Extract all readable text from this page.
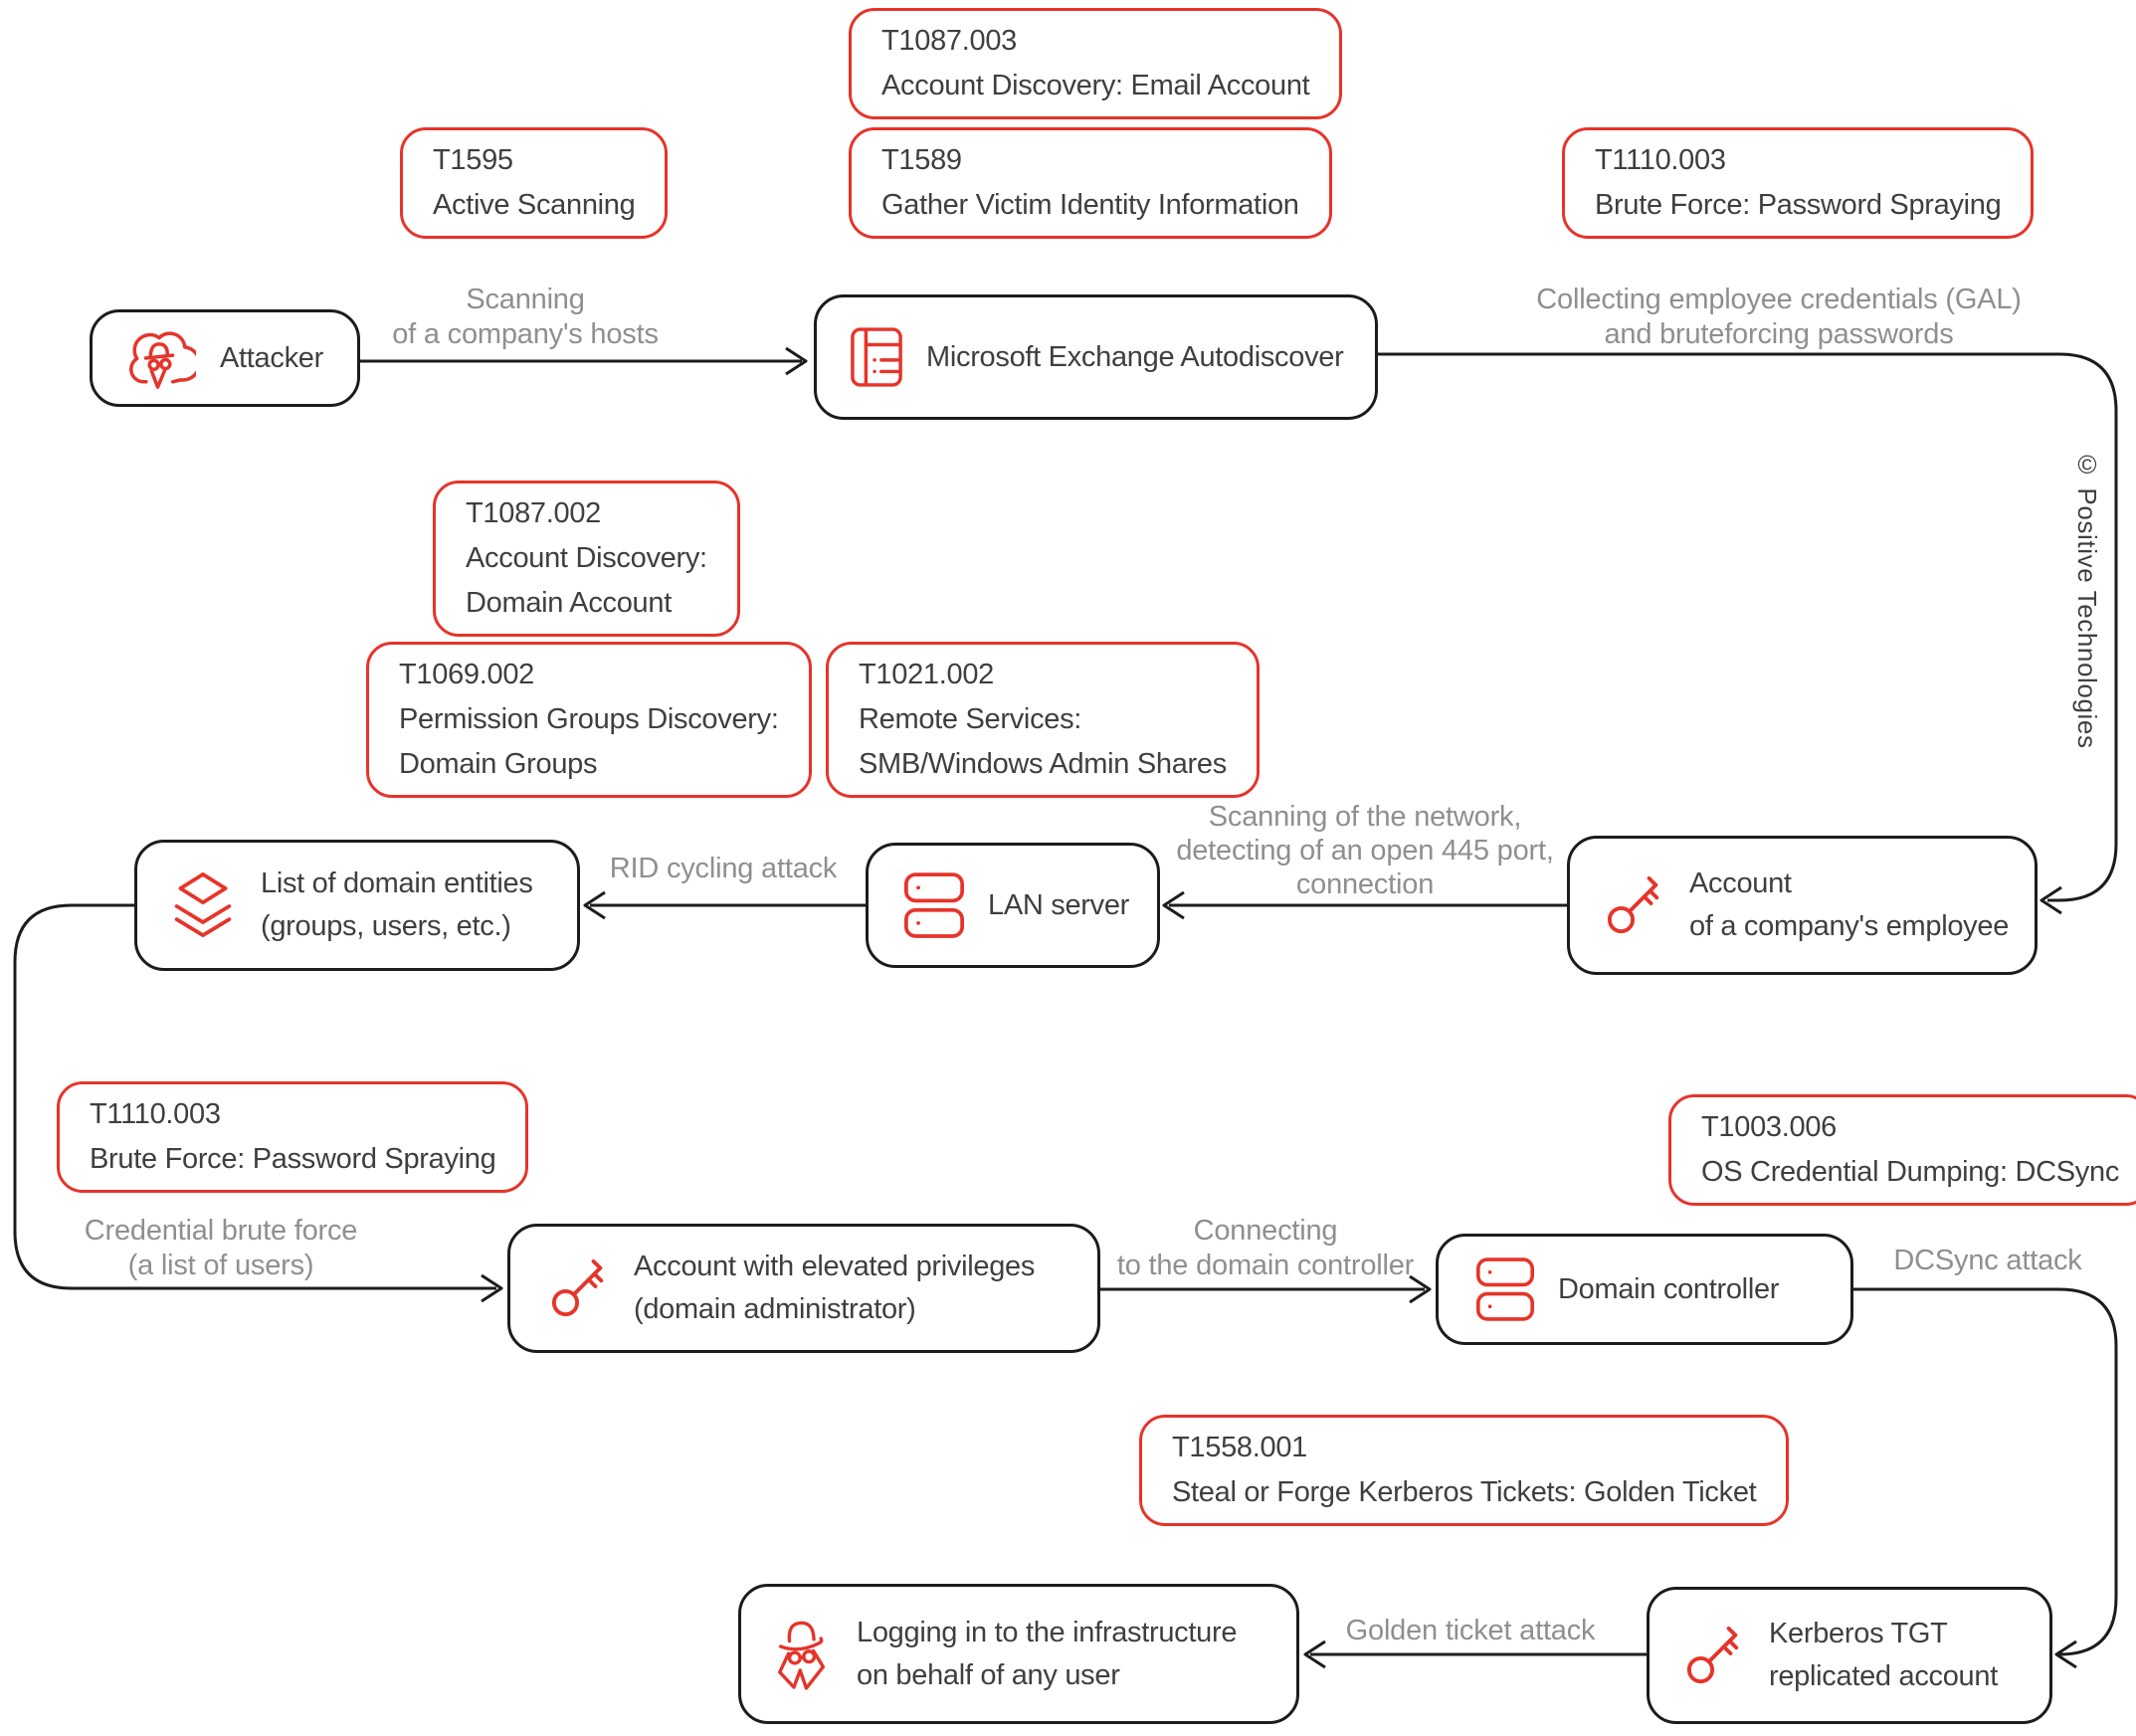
T1087.003
Account Discovery: Email Account
T1595
Active Scanning
T1589
Gather Victim Identity Information
T1110.003
Brute Force: Password Spraying
T1087.002
Account Discovery:
Domain Account
T1069.002
Permission Groups Discovery:
Domain Groups
T1021.002
Remote Services:
SMB/Windows Admin Shares
T1110.003
Brute Force: Password Spraying
T1003.006
OS Credential Dumping: DCSync
T1558.001
Steal or Forge Kerberos Tickets: Golden Ticket
Attacker	Microsoft Exchange Autodiscover
Account
of a company's employee
LAN server
List of domain entities
(groups, users, etc.)
Account with elevated privileges
(domain administrator)
Domain controller
Kerberos TGT
replicated account
Logging in to the infrastructure
on behalf of any user
Scanning
of a company's hosts
Collecting employee credentials (GAL)
and bruteforcing passwords
Scanning of the network,
detecting of an open 445 port,
connection
RID cycling attack
Credential brute force
(a list of users)
Connecting
to the domain controller	DCSync attack
Golden ticket attack
© Positive Technologies
